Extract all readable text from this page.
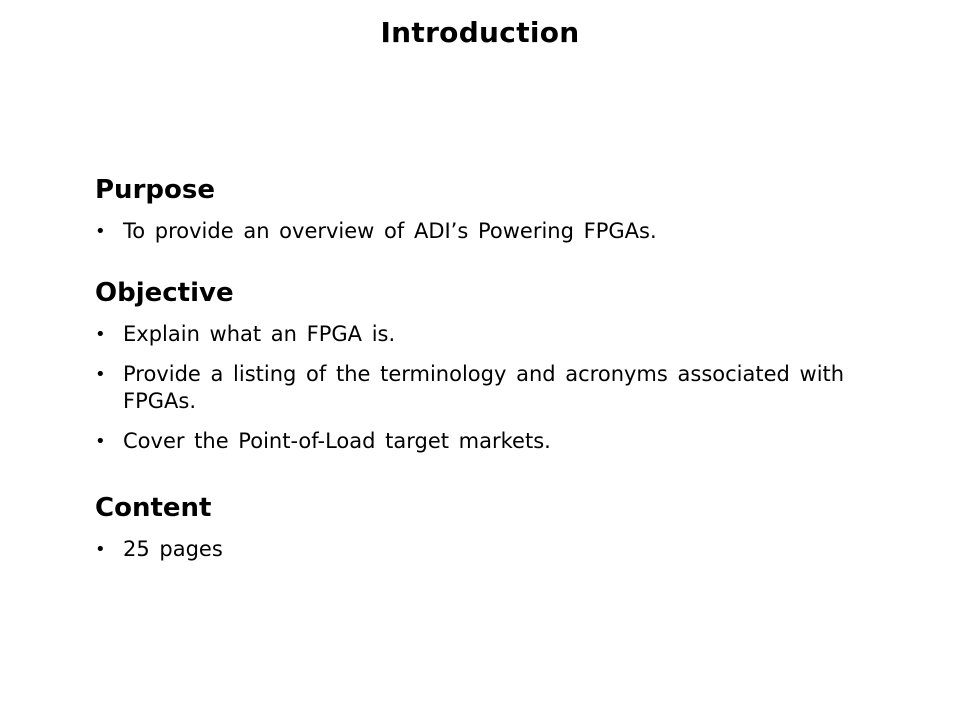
Introduction
Purpose
• To provide an overview of ADI’s Powering FPGAs.
Objective
• Explain what an FPGA is.
• Provide a listing of the terminology and acronyms associated with FPGAs.
• Cover the Point-of-Load target markets.
Content
• 25 pages
